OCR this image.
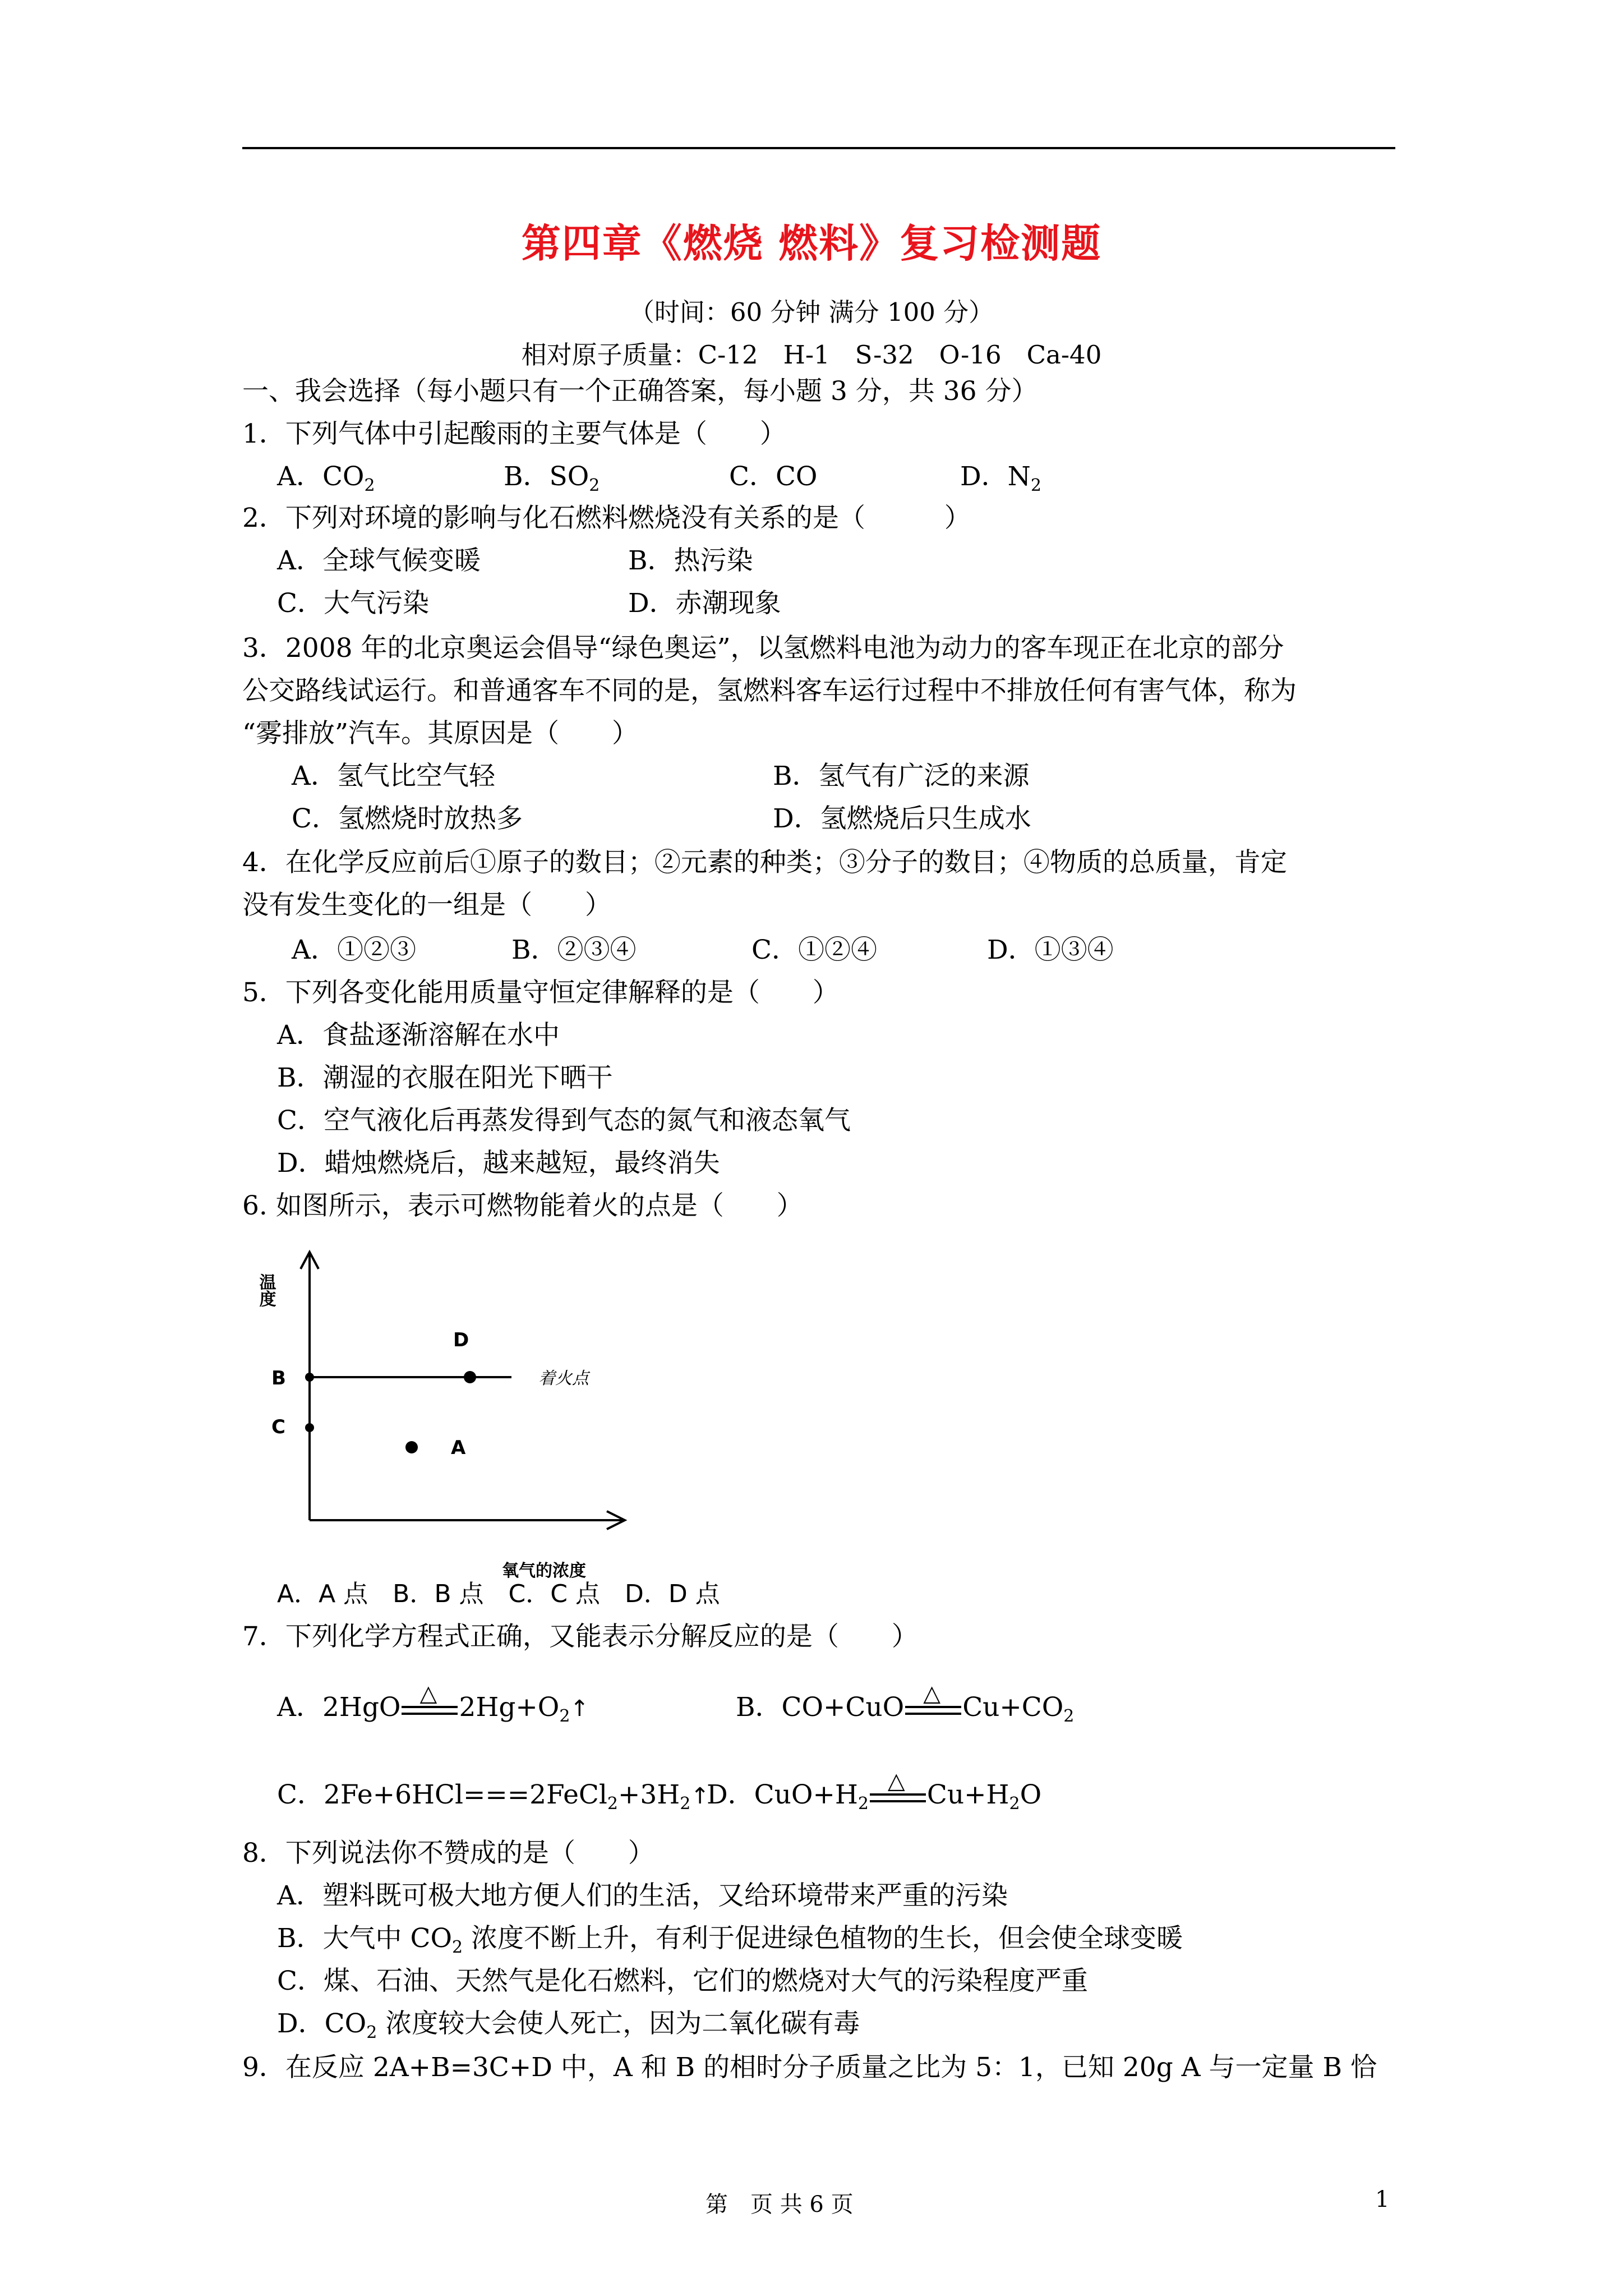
第四章《燃烧 燃料》复习检测题
（时间：60 分钟 满分 100 分）
相对原子质量：C-12　H-1　S-32　O-16　Ca-40
一、我会选择（每小题只有一个正确答案，每小题 3 分，共 36 分）
1．下列气体中引起酸雨的主要气体是（　　）
A．$CO_2$	B．$SO_2$	C．CO	D．$N_2$
2．下列对环境的影响与化石燃料燃烧没有关系的是（　　　）
A．全球气候变暖	B．热污染
C．大气污染	D．赤潮现象
3．2008 年的北京奥运会倡导“绿色奥运”，以氢燃料电池为动力的客车现正在北京的部分
公交路线试运行。和普通客车不同的是，氢燃料客车运行过程中不排放任何有害气体，称为
“雾排放”汽车。其原因是（　　）
A．氢气比空气轻	B．氢气有广泛的来源
C．氢燃烧时放热多	D．氢燃烧后只生成水
4．在化学反应前后①原子的数目；②元素的种类；③分子的数目；④物质的总质量，肯定
没有发生变化的一组是（　　）
A．①②③	B．②③④	C．①②④	D．①③④
5．下列各变化能用质量守恒定律解释的是（　　）
A．食盐逐渐溶解在水中
B．潮湿的衣服在阳光下晒干
C．空气液化后再蒸发得到气态的氮气和液态氧气
D．蜡烛燃烧后，越来越短，最终消失
6. 如图所示，表示可燃物能着火的点是（　　）
温度
氧气的浓度
着火点
B
C
D
A
A．A 点　B．B 点　C．C 点　D．D 点
7．下列化学方程式正确，又能表示分解反应的是（　　）
A．2HgO △ $2Hg+O_2↑$	B．CO+CuO △ $Cu+CO_2$
C．$2Fe+6HCl===2FeCl_2+3H_2↑$
D．$CuO+H_2$
△ $Cu+H_2O$
8．下列说法你不赞成的是（　　）
A．塑料既可极大地方便人们的生活，又给环境带来严重的污染
B．大气中 $CO_2$ 浓度不断上升，有利于促进绿色植物的生长，但会使全球变暖
C．煤、石油、天然气是化石燃料，它们的燃烧对大气的污染程度严重
D．$CO_2$ 浓度较大会使人死亡，因为二氧化碳有毒
9．在反应 2A+B=3C+D 中，A 和 B 的相时分子质量之比为 5：1，已知 20g A 与一定量 B 恰
第　页 共 6 页	1
